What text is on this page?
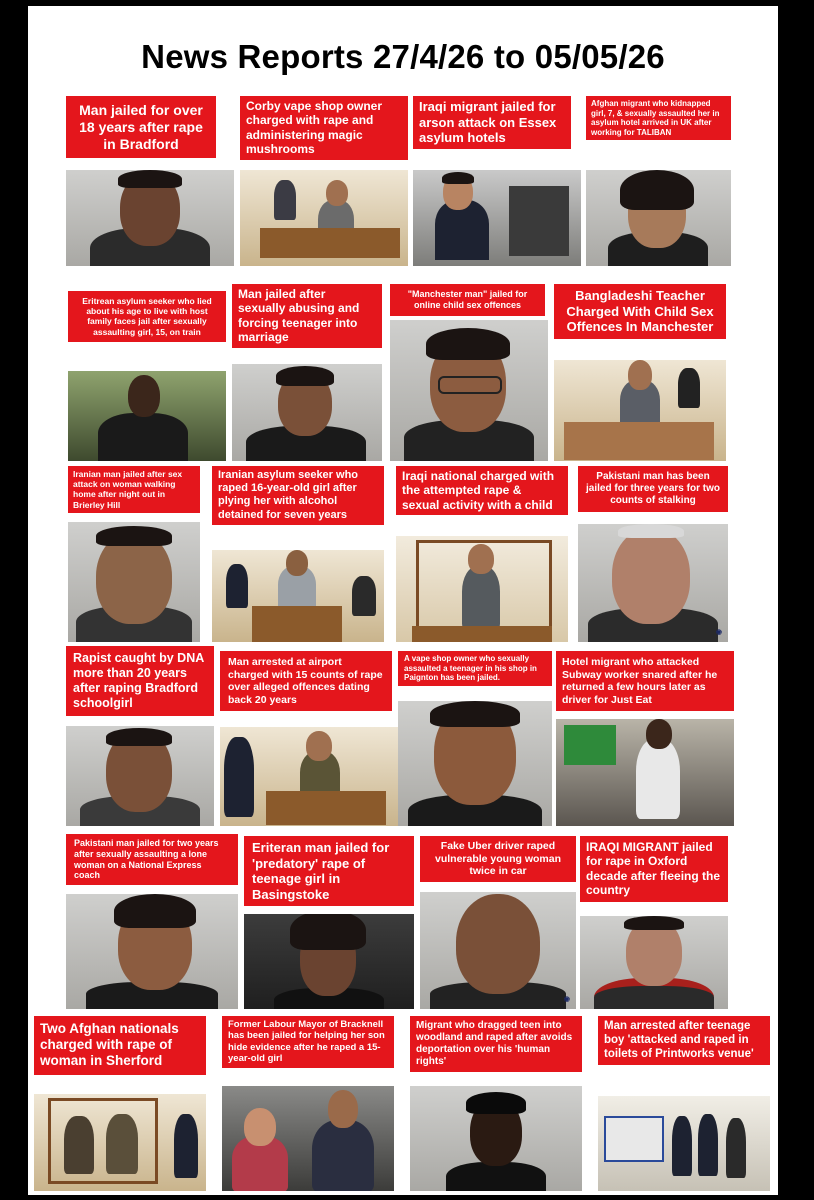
News Reports 27/4/26 to 05/05/26
Man jailed for over 18 years after rape in Bradford
Corby vape shop owner charged with rape and administering magic mushrooms
Iraqi migrant jailed for arson attack on Essex asylum hotels
Afghan migrant who kidnapped girl, 7, & sexually assaulted her in asylum hotel arrived in UK after working for TALIBAN
Eritrean asylum seeker who lied about his age to live with host family faces jail after sexually assaulting girl, 15, on train
Man jailed after sexually abusing and forcing teenager into marriage
"Manchester man" jailed for online child sex offences
Bangladeshi Teacher Charged With Child Sex Offences In Manchester
Iranian man jailed after sex attack on woman walking home after night out in Brierley Hill
Iranian asylum seeker who raped 16-year-old girl after plying her with alcohol detained for seven years
Iraqi national charged with the attempted rape & sexual activity with a child
◉
Pakistani man has been jailed for three years for two counts of stalking
Rapist caught by DNA more than 20 years after raping Bradford schoolgirl
Man arrested at airport charged with 15 counts of rape over alleged offences dating back 20 years
A vape shop owner who sexually assaulted a teenager in his shop in Paignton has been jailed.
Hotel migrant who attacked Subway worker snared after he returned a few hours later as driver for Just Eat
Pakistani man jailed for two years after sexually assaulting a lone woman on a National Express coach
Eriteran man jailed for 'predatory' rape of teenage girl in Basingstoke
◉
Fake Uber driver raped vulnerable young woman twice in car
IRAQI MIGRANT jailed for rape in Oxford decade after fleeing the country
Two Afghan nationals charged with rape of woman in Sherford
Former Labour Mayor of Bracknell has been jailed for helping her son hide evidence after he raped a 15-year-old girl
Migrant who dragged teen into woodland and raped after avoids deportation over his 'human rights'
Man arrested after teenage boy 'attacked and raped in toilets of Printworks venue'
